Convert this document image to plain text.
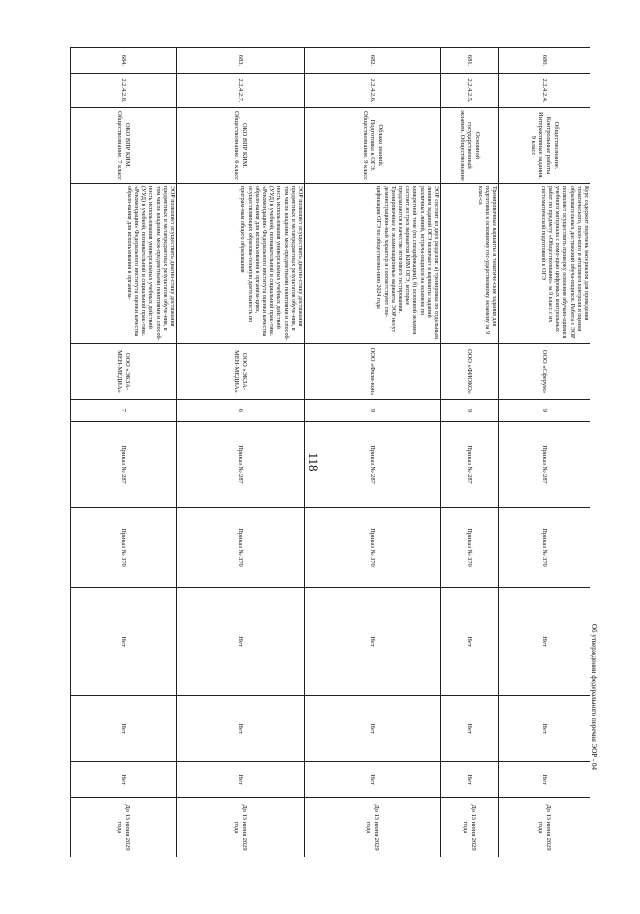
118
Об утверждении федерального перечня ЭОР - 04
680.	2.2.4.2.4.	Обществознание. Контрольные работы Интерактивные задания. 9 класс	Курс содержит перечень материалов для проведения тематического, поло-вого и итогового контроля и оценки образовательных достижений обуча-ющихся. Работа с ЭОР позволяет осуществить проверку освоения обучаю-щимися учебного материала с помо-щью цифровых контрольных работ по предмету «Обществознание» за 9 класс с их систематической подготовкой к ОГЭ	ООО «Сферум»	9	Приказ № 287	Приказ № 370	Нет	Нет	Нет	До 13 июня 2029 года
681.	2.2.4.2.5.	Основной государственный экзамен. Обществознание	Тренировочные варианты и тематиче-ские задания для подготовки к основному гос-ударственному экзамену за 9 клас-са	ООО «ФИОКО»	9	Приказ № 287	Приказ № 370	Нет	Нет	Нет	До 13 июня 2029 года
682.	2.2.4.2.6.	Облако знаний. Подготовка к ОГЭ. Обществознание. 9 класс	ЭОР состоит из двух разделов: а) тренировка по отдельным линиям заданий ОГЭ включает в варианты заданий различных линий, встреча-ющихся на экзамене по конкретной теме (по спецификации), б) основной экзамен состоит из трех вариантов КИМ ОГЭ, которые предлагаются в качестве итогового тестирования. Тренировочные и экзаменационные варианты ЭОР несут демонстрацион-ный характер и соответствуют спе-цификации ОГЭ по обществозна-нию 2024 года	ООО «Физи-кон»	9	Приказ № 287	Приказ № 370	Нет	Нет	Нет	До 13 июня 2029 года
683.	2.2.4.2.7.	ОКО ВПР КИМ. Обществознание. 6 класс	ЭОР позволяет осуществить диагно-стику достижения предметных и метапредметных результатов обуче-ния, в том числе владение меж-предметными понятиями и способ-ность использования универсальных учебных действий (УУД) в учебной, познавательной и социальной прак-тике. «Рекомендации» Федерального института оценки качества образо-вания для использования в организа-циях, осуществляющих образова-тельную деятельность по програм-мам общего образования	ООО «ЭКЗА-МЕН-МЕДИА»	6	Приказ № 287	Приказ № 370	Нет	Нет	Нет	До 13 июня 2029 года
684.	2.2.4.2.8.	ОКО ВПР КИМ. Обществознание. 7 класс	ЭОР позволяет осуществить диагно-стику достижения предметных и метапредметных результатов обуче-ния, в том числе владение меж-предметными понятиями и способ-ность использования универсальных учебных действий (УУД) в учебной, познавательной и социальной прак-тике. «Рекомендации» Федерального института оценки качества образо-вания для использования в организа-	ООО «ЭКЗА-МЕН-МЕДИА»	7	Приказ № 287	Приказ № 370	Нет	Нет	Нет	До 13 июня 2029 года
